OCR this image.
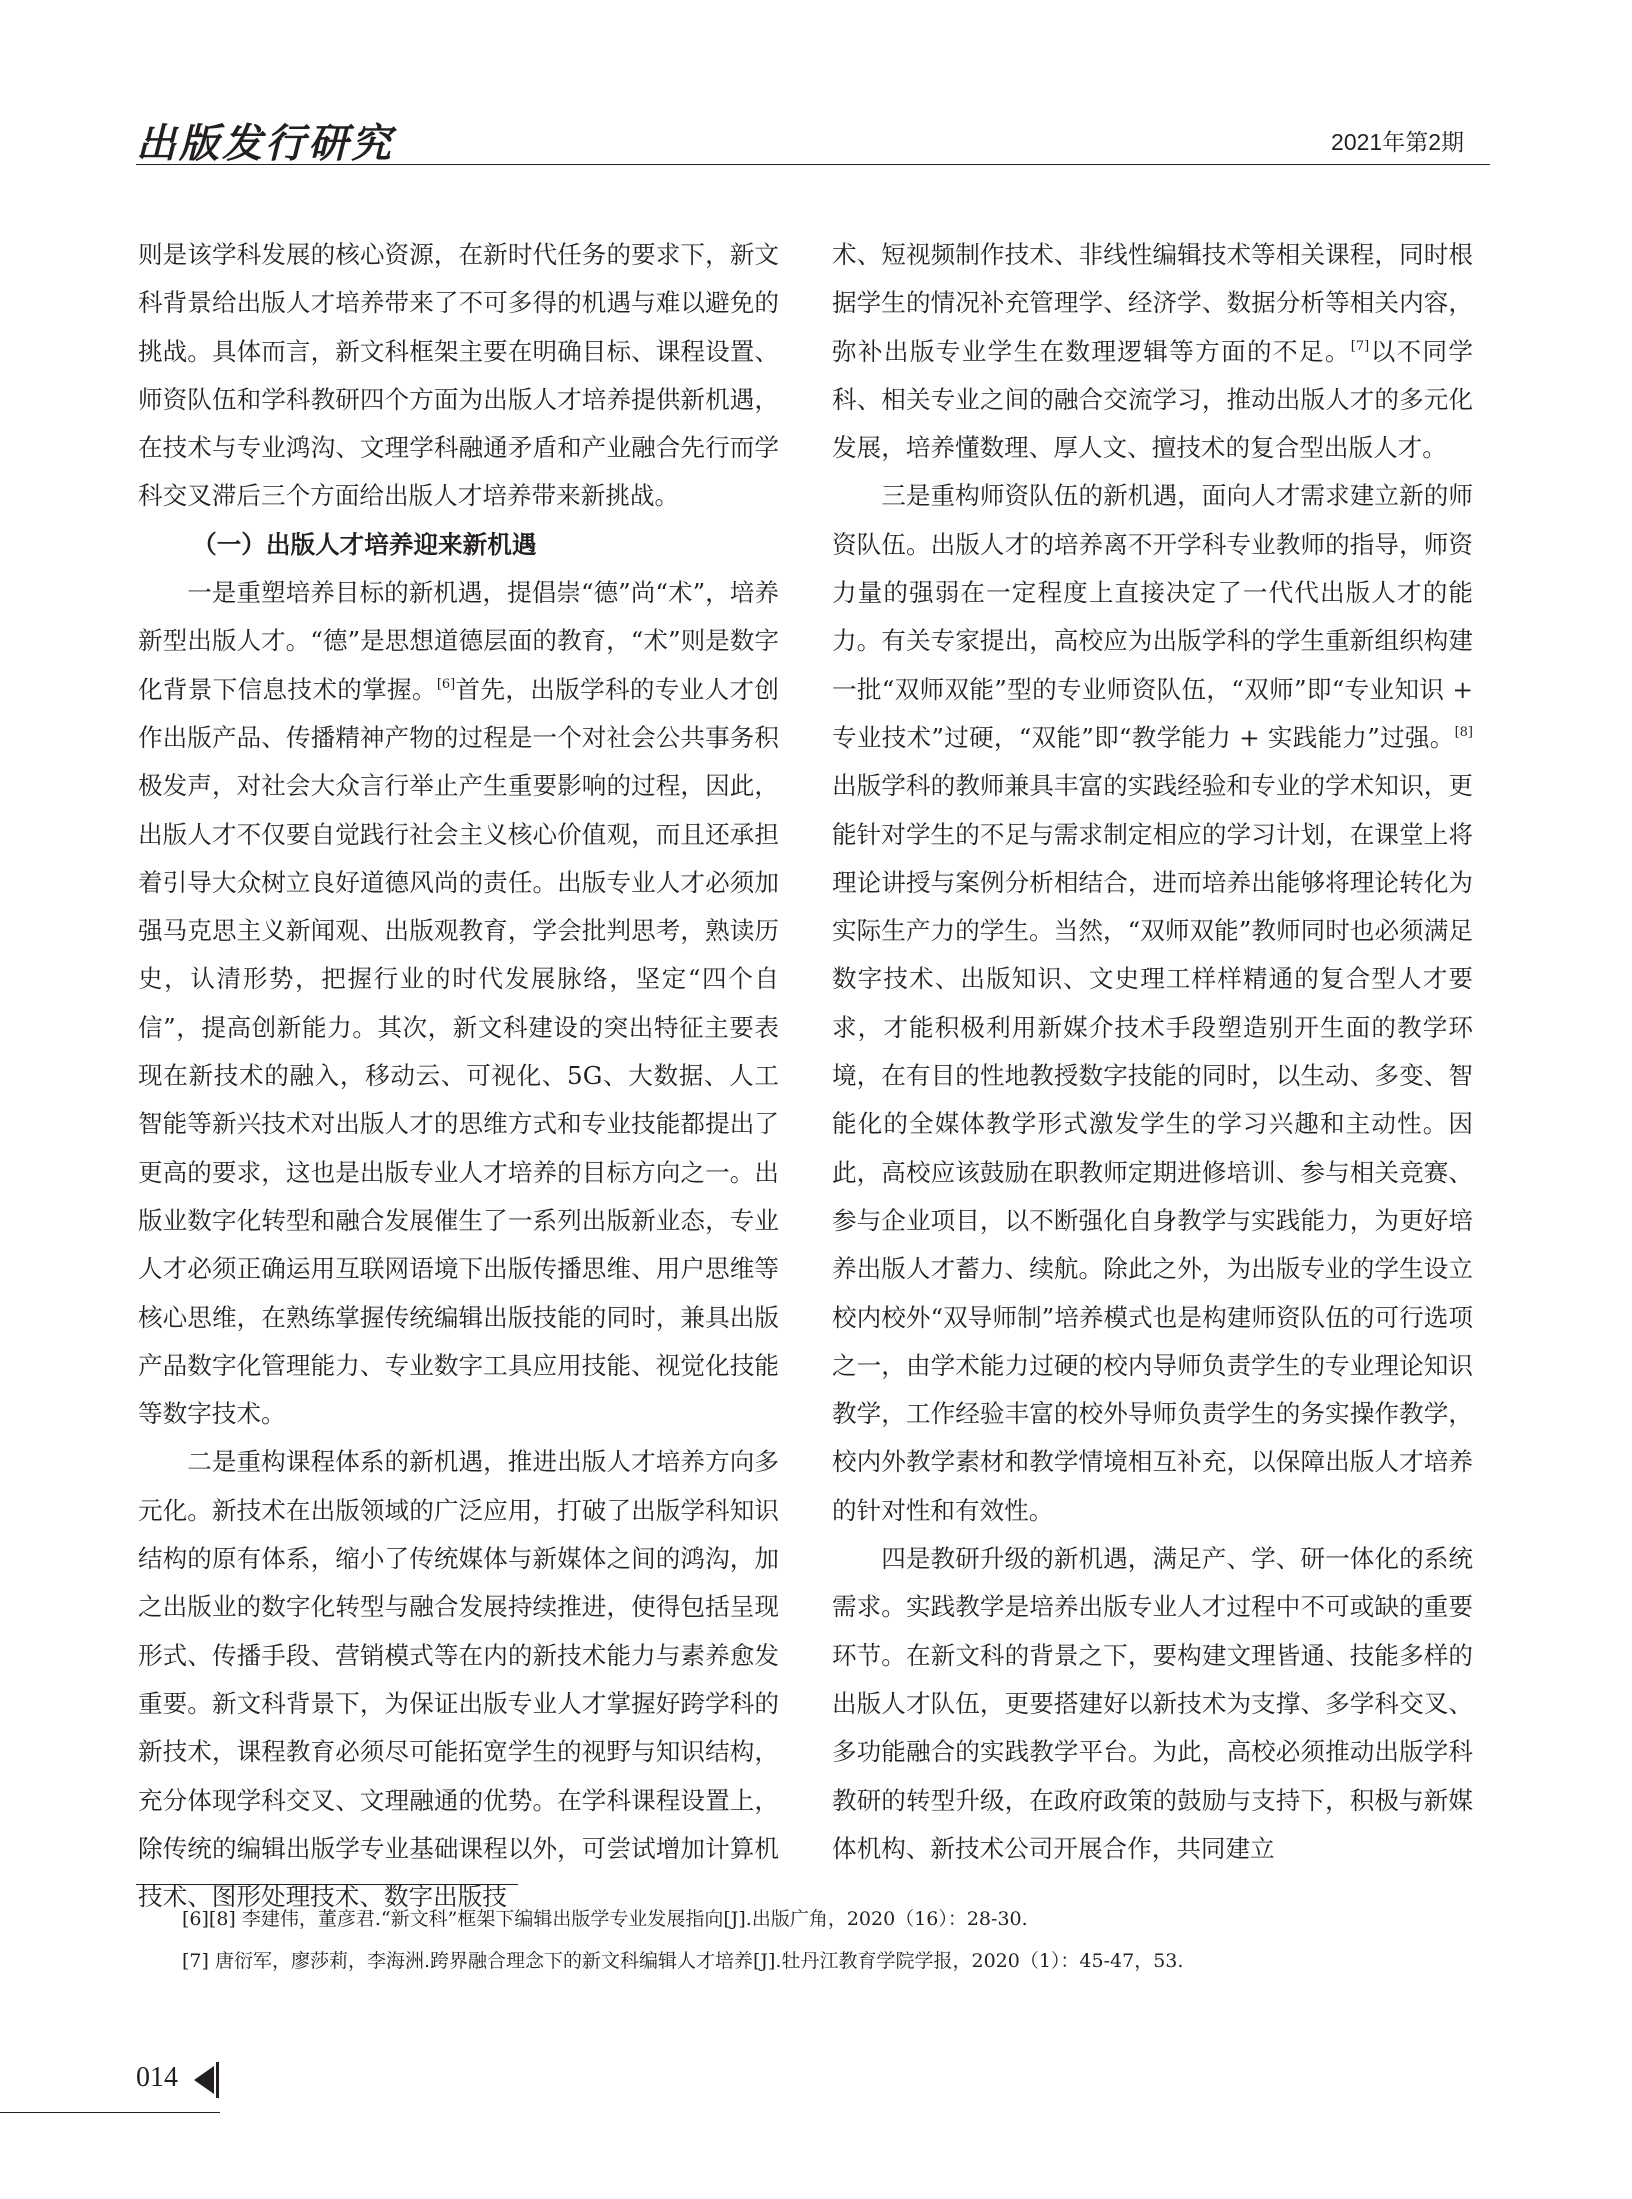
出版发行研究	2021年第2期

则是该学科发展的核心资源，在新时代任务的要求下，新文科背景给出版人才培养带来了不可多得的机遇与难以避免的挑战。具体而言，新文科框架主要在明确目标、课程设置、师资队伍和学科教研四个方面为出版人才培养提供新机遇，在技术与专业鸿沟、文理学科融通矛盾和产业融合先行而学科交叉滞后三个方面给出版人才培养带来新挑战。

（一）出版人才培养迎来新机遇

一是重塑培养目标的新机遇，提倡崇“德”尚“术”，培养新型出版人才。“德”是思想道德层面的教育，“术”则是数字化背景下信息技术的掌握。[6]首先，出版学科的专业人才创作出版产品、传播精神产物的过程是一个对社会公共事务积极发声，对社会大众言行举止产生重要影响的过程，因此，出版人才不仅要自觉践行社会主义核心价值观，而且还承担着引导大众树立良好道德风尚的责任。出版专业人才必须加强马克思主义新闻观、出版观教育，学会批判思考，熟读历史，认清形势，把握行业的时代发展脉络，坚定“四个自信”，提高创新能力。其次，新文科建设的突出特征主要表现在新技术的融入，移动云、可视化、5G、大数据、人工智能等新兴技术对出版人才的思维方式和专业技能都提出了更高的要求，这也是出版专业人才培养的目标方向之一。出版业数字化转型和融合发展催生了一系列出版新业态，专业人才必须正确运用互联网语境下出版传播思维、用户思维等核心思维，在熟练掌握传统编辑出版技能的同时，兼具出版产品数字化管理能力、专业数字工具应用技能、视觉化技能等数字技术。

二是重构课程体系的新机遇，推进出版人才培养方向多元化。新技术在出版领域的广泛应用，打破了出版学科知识结构的原有体系，缩小了传统媒体与新媒体之间的鸿沟，加之出版业的数字化转型与融合发展持续推进，使得包括呈现形式、传播手段、营销模式等在内的新技术能力与素养愈发重要。新文科背景下，为保证出版专业人才掌握好跨学科的新技术，课程教育必须尽可能拓宽学生的视野与知识结构，充分体现学科交叉、文理融通的优势。在学科课程设置上，除传统的编辑出版学专业基础课程以外，可尝试增加计算机技术、图形处理技术、数字出版技

术、短视频制作技术、非线性编辑技术等相关课程，同时根据学生的情况补充管理学、经济学、数据分析等相关内容，弥补出版专业学生在数理逻辑等方面的不足。[7]以不同学科、相关专业之间的融合交流学习，推动出版人才的多元化发展，培养懂数理、厚人文、擅技术的复合型出版人才。

三是重构师资队伍的新机遇，面向人才需求建立新的师资队伍。出版人才的培养离不开学科专业教师的指导，师资力量的强弱在一定程度上直接决定了一代代出版人才的能力。有关专家提出，高校应为出版学科的学生重新组织构建一批“双师双能”型的专业师资队伍，“双师”即“专业知识 + 专业技术”过硬，“双能”即“教学能力 + 实践能力”过强。[8]出版学科的教师兼具丰富的实践经验和专业的学术知识，更能针对学生的不足与需求制定相应的学习计划，在课堂上将理论讲授与案例分析相结合，进而培养出能够将理论转化为实际生产力的学生。当然，“双师双能”教师同时也必须满足数字技术、出版知识、文史理工样样精通的复合型人才要求，才能积极利用新媒介技术手段塑造别开生面的教学环境，在有目的性地教授数字技能的同时，以生动、多变、智能化的全媒体教学形式激发学生的学习兴趣和主动性。因此，高校应该鼓励在职教师定期进修培训、参与相关竞赛、参与企业项目，以不断强化自身教学与实践能力，为更好培养出版人才蓄力、续航。除此之外，为出版专业的学生设立校内校外“双导师制”培养模式也是构建师资队伍的可行选项之一，由学术能力过硬的校内导师负责学生的专业理论知识教学，工作经验丰富的校外导师负责学生的务实操作教学，校内外教学素材和教学情境相互补充，以保障出版人才培养的针对性和有效性。

四是教研升级的新机遇，满足产、学、研一体化的系统需求。实践教学是培养出版专业人才过程中不可或缺的重要环节。在新文科的背景之下，要构建文理皆通、技能多样的出版人才队伍，更要搭建好以新技术为支撑、多学科交叉、多功能融合的实践教学平台。为此，高校必须推动出版学科教研的转型升级，在政府政策的鼓励与支持下，积极与新媒体机构、新技术公司开展合作，共同建立

[6][8] 李建伟，董彦君.“新文科”框架下编辑出版学专业发展指向[J].出版广角，2020（16）：28-30.
[7] 唐衍军，廖莎莉，李海洲.跨界融合理念下的新文科编辑人才培养[J].牡丹江教育学院学报，2020（1）：45-47，53.
014
